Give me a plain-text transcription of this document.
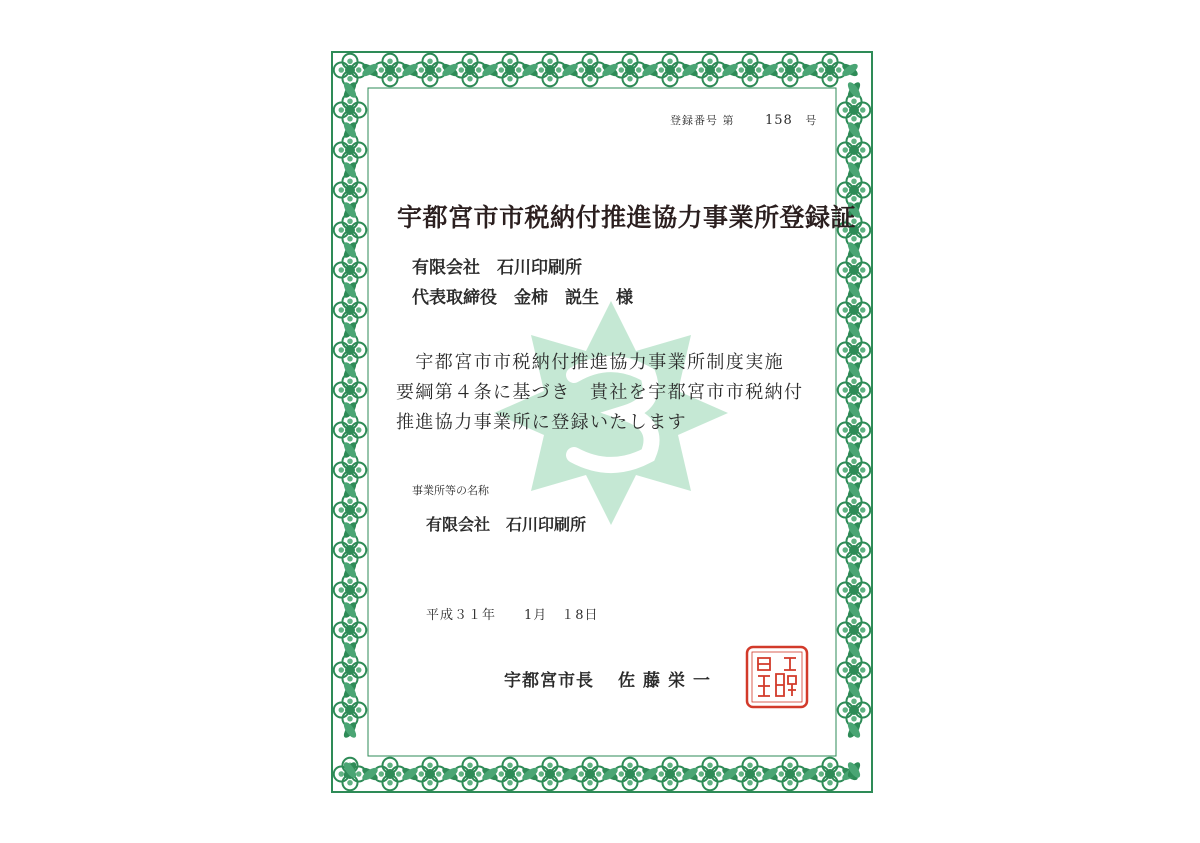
登録番号 第 158 号
宇都宮市市税納付推進協力事業所登録証
有限会社　石川印刷所
代表取締役　金柿　説生　様
　宇都宮市市税納付推進協力事業所制度実施
要綱第４条に基づき　貴社を宇都宮市市税納付
推進協力事業所に登録いたします
事業所等の名称
有限会社　石川印刷所
平成３１年　　1月　１8日
宇都宮市長 佐藤栄一
